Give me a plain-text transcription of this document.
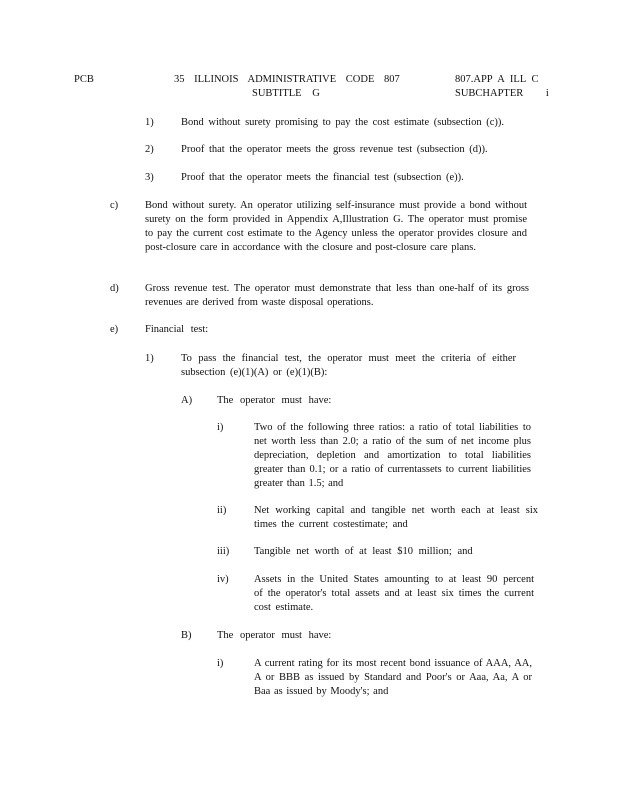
PCB	35 ILLINOIS ADMINISTRATIVE CODE 807
SUBTITLE G
807.APP A ILL C
SUBCHAPTER i
1)	Bond without surety promising to pay the cost estimate (subsection (c)).
2)	Proof that the operator meets the gross revenue test (subsection (d)).
3)	Proof that the operator meets the financial test (subsection (e)).
c)	Bond without surety. An operator utilizing self-insurance must provide a bond without surety on the form provided in Appendix A,Illustration G. The operator must promise to pay the current cost estimate to the Agency unless the operator provides closure and post-closure care in accordance with the closure and post-closure care plans.
d)	Gross revenue test. The operator must demonstrate that less than one-half of its gross revenues are derived from waste disposal operations.
e)	Financial test:
1)	To pass the financial test, the operator must meet the criteria of either subsection (e)(1)(A) or (e)(1)(B):
A) The operator must have:
i)	Two of the following three ratios: a ratio of total liabilities to net worth less than 2.0; a ratio of the sum of net income plus depreciation, depletion and amortization to total liabilities greater than 0.1; or a ratio of currentassets to current liabilities greater than 1.5; and
ii)	Net working capital and tangible net worth each at least six times the current costestimate; and
iii) Tangible net worth of at least $10 million; and
iv) Assets in the United States amounting to at least 90 percent of the operator's total assets and at least six times the current cost estimate.
B) The operator must have:
i)	A current rating for its most recent bond issuance of AAA, AA, A or BBB as issued by Standard and Poor's or Aaa, Aa, A or Baa as issued by Moody's; and
